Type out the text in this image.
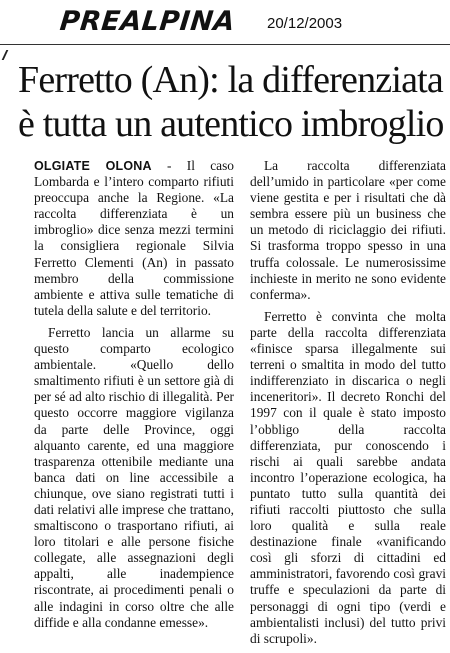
PREALPINA 20/12/2003
Ferretto (An): la differenziata
è tutta un autentico imbroglio

OLGIATE OLONA - Il caso Lombarda e l’intero comparto rifiuti preoccupa anche la Regione. «La raccolta differenziata è un imbroglio» dice senza mezzi termini la consigliera regionale Silvia Ferretto Clementi (An) in passato membro della commissione ambiente e attiva sulle tematiche di tutela della salute e del territorio.

Ferretto lancia un allarme su questo comparto ecologico ambientale. «Quello dello smaltimento rifiuti è un settore già di per sé ad alto rischio di illegalità. Per questo occorre maggiore vigilanza da parte delle Province, oggi alquanto carente, ed una maggiore trasparenza ottenibile mediante una banca dati on line accessibile a chiunque, ove siano registrati tutti i dati relativi alle imprese che trattano, smaltiscono o trasportano rifiuti, ai loro titolari e alle persone fisiche collegate, alle assegnazioni degli appalti, alle inadempience riscontrate, ai procedimenti penali o alle indagini in corso oltre che alle diffide e alla condanne emesse».

La raccolta differenziata dell’umido in particolare «per come viene gestita e per i risultati che dà sembra essere più un business che un metodo di riciclaggio dei rifiuti. Si trasforma troppo spesso in una truffa colossale. Le numerosissime inchieste in merito ne sono evidente conferma».

Ferretto è convinta che molta parte della raccolta differenziata «finisce sparsa illegalmente sui terreni o smaltita in modo del tutto indifferenziato in discarica o negli inceneritori». Il decreto Ronchi del 1997 con il quale è stato imposto l’obbligo della raccolta differenziata, pur conoscendo i rischi ai quali sarebbe andata incontro l’operazione ecologica, ha puntato tutto sulla quantità dei rifiuti raccolti piuttosto che sulla loro qualità e sulla reale destinazione finale «vanificando così gli sforzi di cittadini ed amministratori, favorendo così gravi truffe e speculazioni da parte di personaggi di ogni tipo (verdi e ambientalisti inclusi) del tutto privi di scrupoli».
